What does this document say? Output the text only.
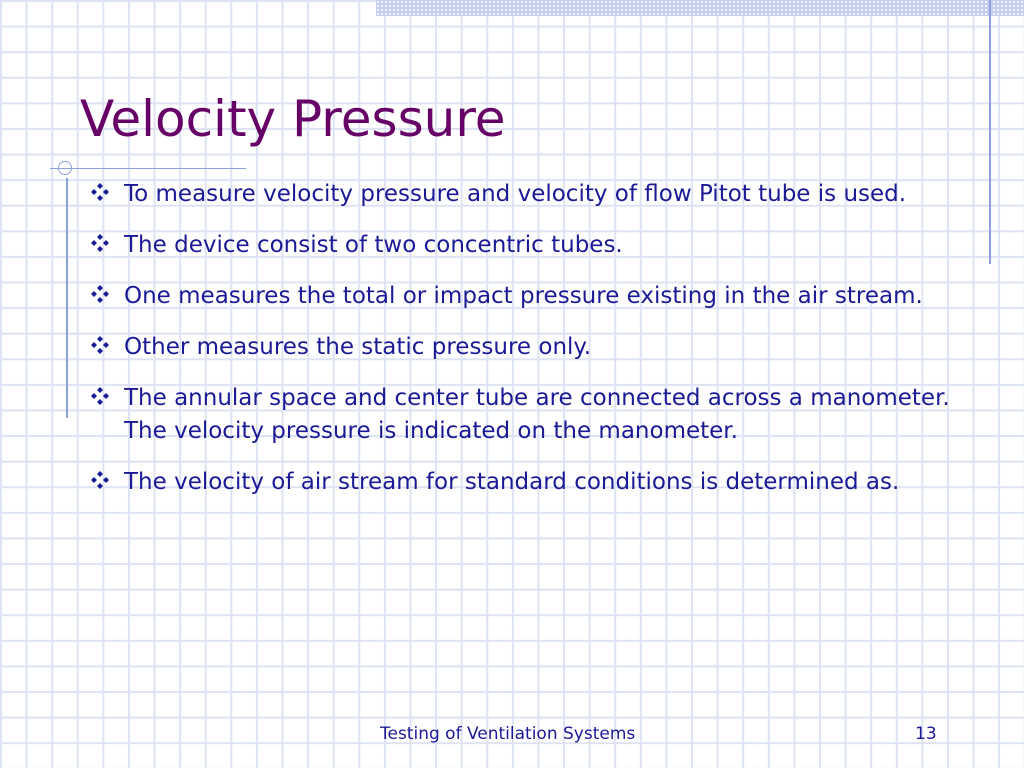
Velocity Pressure
To measure velocity pressure and velocity of flow Pitot tube is used.
The device consist of two concentric tubes.
One measures the total or impact pressure existing in the air stream.
Other measures the static pressure only.
The annular space and center tube are connected across a manometer. The velocity pressure is indicated on the manometer.
The velocity of air stream for standard conditions is determined as.
Testing of Ventilation Systems	13
